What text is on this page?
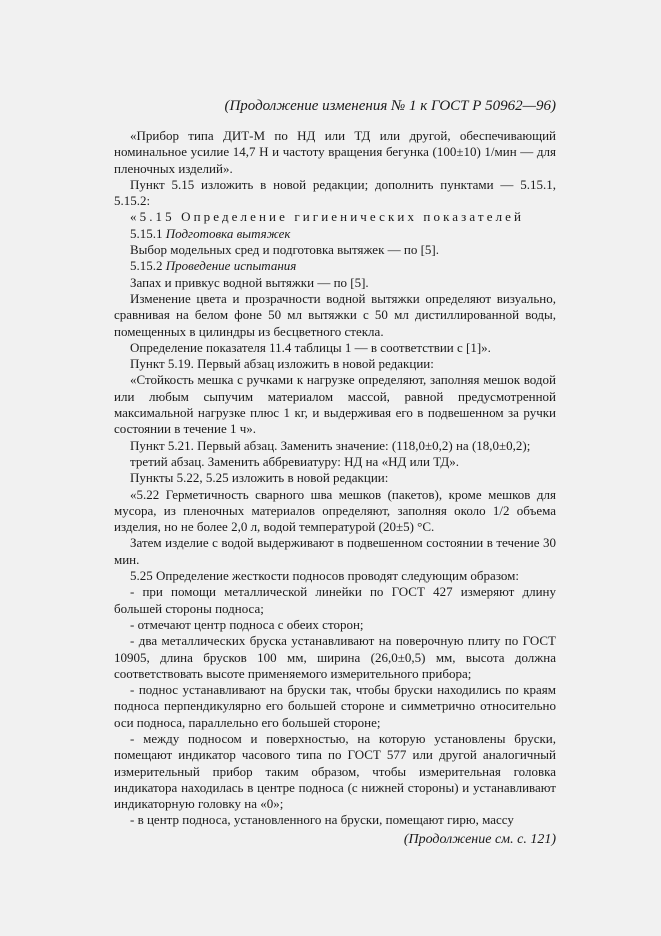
(Продолжение изменения № 1 к ГОСТ Р 50962—96)

«Прибор типа ДИТ-М по НД или ТД или другой, обеспечивающий номинальное усилие 14,7 Н и частоту вращения бегунка (100±10) 1/мин — для пленочных изделий».

Пункт 5.15 изложить в новой редакции; дополнить пунктами — 5.15.1, 5.15.2:

«5.15 Определение гигиенических показателей

5.15.1 Подготовка вытяжек

Выбор модельных сред и подготовка вытяжек — по [5].

5.15.2 Проведение испытания

Запах и привкус водной вытяжки — по [5].

Изменение цвета и прозрачности водной вытяжки определяют визуально, сравнивая на белом фоне 50 мл вытяжки с 50 мл дистиллированной воды, помещенных в цилиндры из бесцветного стекла.

Определение показателя 11.4 таблицы 1 — в соответствии с [1]».

Пункт 5.19. Первый абзац изложить в новой редакции:

«Стойкость мешка с ручками к нагрузке определяют, заполняя мешок водой или любым сыпучим материалом массой, равной предусмотренной максимальной нагрузке плюс 1 кг, и выдерживая его в подвешенном за ручки состоянии в течение 1 ч».

Пункт 5.21. Первый абзац. Заменить значение: (118,0±0,2) на (18,0±0,2);

третий абзац. Заменить аббревиатуру: НД на «НД или ТД».

Пункты 5.22, 5.25 изложить в новой редакции:

«5.22 Герметичность сварного шва мешков (пакетов), кроме мешков для мусора, из пленочных материалов определяют, заполняя около 1/2 объема изделия, но не более 2,0 л, водой температурой (20±5) °С.

Затем изделие с водой выдерживают в подвешенном состоянии в течение 30 мин.

5.25 Определение жесткости подносов проводят следующим образом:

- при помощи металлической линейки по ГОСТ 427 измеряют длину большей стороны подноса;

- отмечают центр подноса с обеих сторон;

- два металлических бруска устанавливают на поверочную плиту по ГОСТ 10905, длина брусков 100 мм, ширина (26,0±0,5) мм, высота должна соответствовать высоте применяемого измерительного прибора;

- поднос устанавливают на бруски так, чтобы бруски находились по краям подноса перпендикулярно его большей стороне и симметрично относительно оси подноса, параллельно его большей стороне;

- между подносом и поверхностью, на которую установлены бруски, помещают индикатор часового типа по ГОСТ 577 или другой аналогичный измерительный прибор таким образом, чтобы измерительная головка индикатора находилась в центре подноса (с нижней стороны) и устанавливают индикаторную головку на «0»;

- в центр подноса, установленного на бруски, помещают гирю, массу

(Продолжение см. с. 121)
